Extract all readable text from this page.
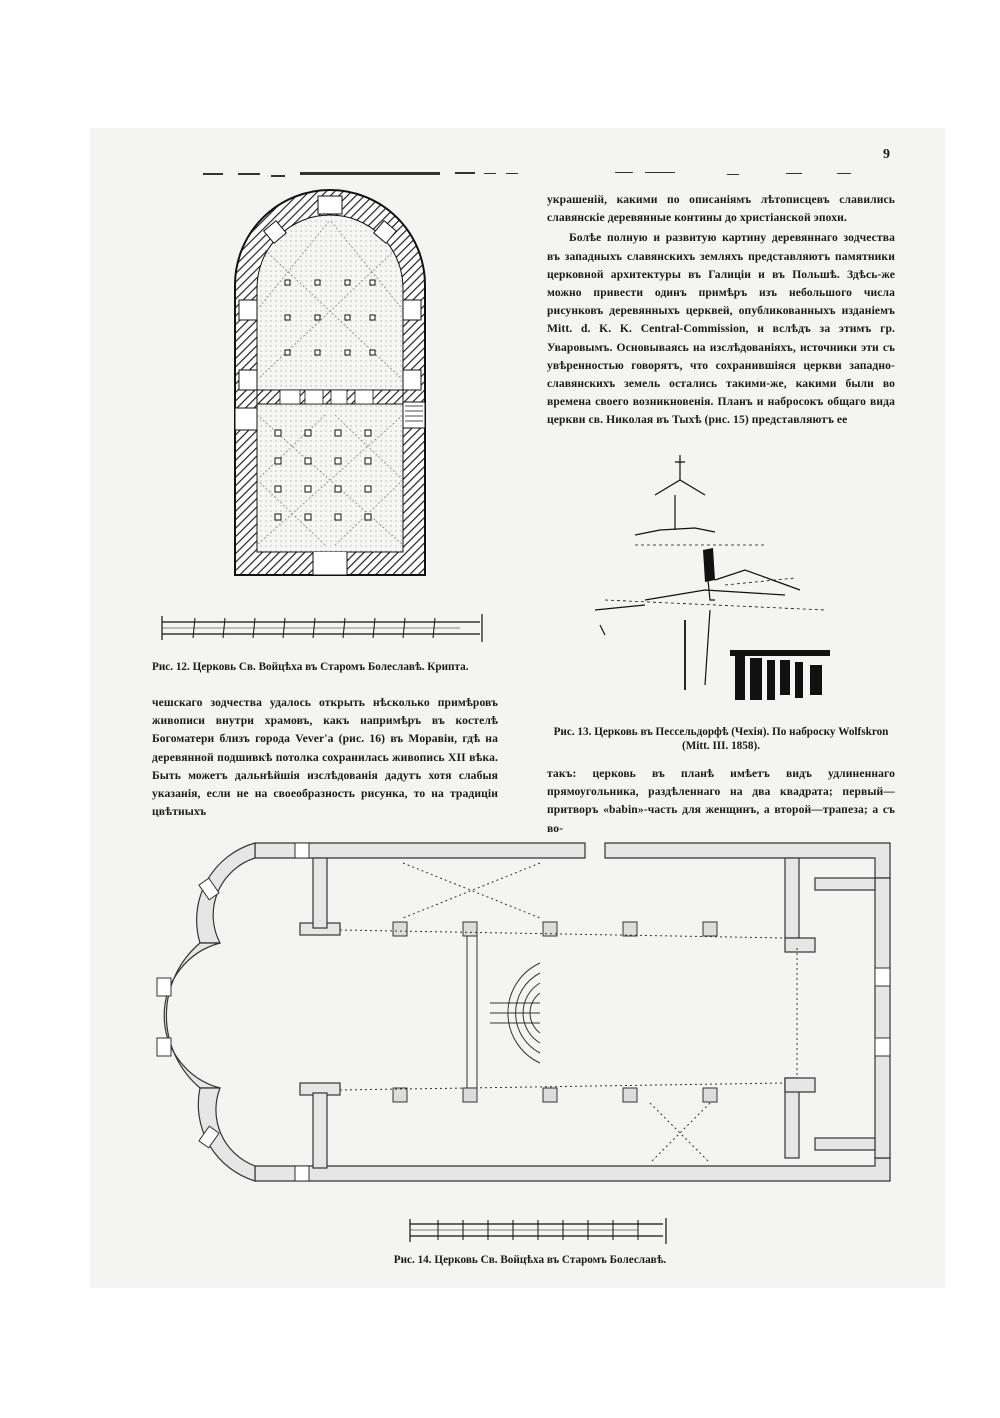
9

украшеній, какими по описаніямъ лѣтописцевъ славились славянскіе деревянные контины до христіанской эпохи.

Болѣе полную и развитую картину деревяннаго зодчества въ западныхъ славянскихъ земляхъ представляютъ памятники церковной архитектуры въ Галиціи и въ Польшѣ. Здѣсь-же можно привести одинъ примѣръ изъ небольшого числа рисунковъ деревянныхъ церквей, опубликованныхъ изданіемъ Mitt. d. K. K. Central-Commission, и вслѣдъ за этимъ гр. Уваровымъ. Основываясь на изслѣдованіяхъ, источники эти съ увѣренностью говорятъ, что сохранившіяся церкви западно-славянскихъ земель остались такими-же, какими были во времена своего возникновенія. Планъ и набросокъ общаго вида церкви св. Николая въ Тыхѣ (рис. 15) представляютъ ее

Рис. 12. Церковь Св. Войцѣха въ Старомъ Болеславѣ. Крипта.
Рис. 13. Церковь въ Пессельдорфѣ (Чехія). По наброску Wolfskron (Mitt. III. 1858).

чешскаго зодчества удалось открыть нѣсколько примѣровъ живописи внутри храмовъ, какъ напримѣръ въ костелѣ Богоматери близъ города Vever'а (рис. 16) въ Моравіи, гдѣ на деревянной подшивкѣ потолка сохранилась живопись XII вѣка. Быть можетъ дальнѣйшія изслѣдованія дадутъ хотя слабыя указанія, если не на своеобразность рисунка, то на традиціи цвѣтныхъ

такъ: церковь въ планѣ имѣетъ видъ удлиненнаго прямоугольника, раздѣленнаго на два квадрата; первый—притворъ «babin»-часть для женщинъ, а второй—трапеза; а съ во-

Рис. 14. Церковь Св. Войцѣха въ Старомъ Болеславѣ.
